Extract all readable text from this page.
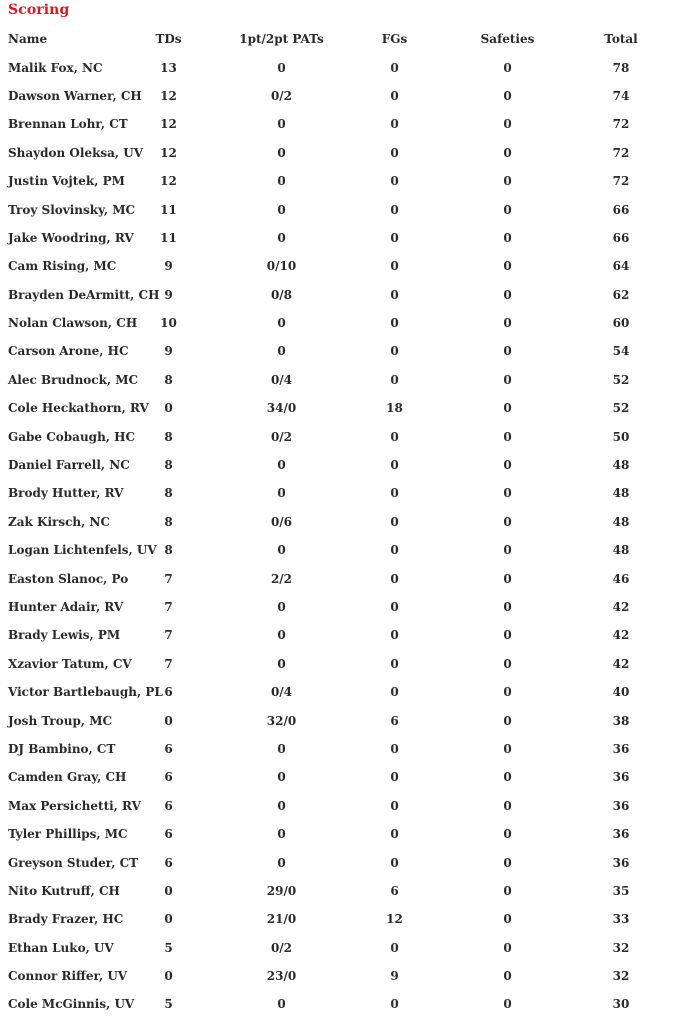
Scoring
Name	TDs	1pt/2pt PATs	FGs	Safeties	Total
Malik Fox, NC	13	0	0	0	78
Dawson Warner, CH	12	0/2	0	0	74
Brennan Lohr, CT	12	0	0	0	72
Shaydon Oleksa, UV	12	0	0	0	72
Justin Vojtek, PM	12	0	0	0	72
Troy Slovinsky, MC	11	0	0	0	66
Jake Woodring, RV	11	0	0	0	66
Cam Rising, MC	9	0/10	0	0	64
Brayden DeArmitt, CH	9	0/8	0	0	62
Nolan Clawson, CH	10	0	0	0	60
Carson Arone, HC	9	0	0	0	54
Alec Brudnock, MC	8	0/4	0	0	52
Cole Heckathorn, RV	0	34/0	18	0	52
Gabe Cobaugh, HC	8	0/2	0	0	50
Daniel Farrell, NC	8	0	0	0	48
Brody Hutter, RV	8	0	0	0	48
Zak Kirsch, NC	8	0/6	0	0	48
Logan Lichtenfels, UV	8	0	0	0	48
Easton Slanoc, Po	7	2/2	0	0	46
Hunter Adair, RV	7	0	0	0	42
Brady Lewis, PM	7	0	0	0	42
Xzavior Tatum, CV	7	0	0	0	42
Victor Bartlebaugh, PL	6	0/4	0	0	40
Josh Troup, MC	0	32/0	6	0	38
DJ Bambino, CT	6	0	0	0	36
Camden Gray, CH	6	0	0	0	36
Max Persichetti, RV	6	0	0	0	36
Tyler Phillips, MC	6	0	0	0	36
Greyson Studer, CT	6	0	0	0	36
Nito Kutruff, CH	0	29/0	6	0	35
Brady Frazer, HC	0	21/0	12	0	33
Ethan Luko, UV	5	0/2	0	0	32
Connor Riffer, UV	0	23/0	9	0	32
Cole McGinnis, UV	5	0	0	0	30
